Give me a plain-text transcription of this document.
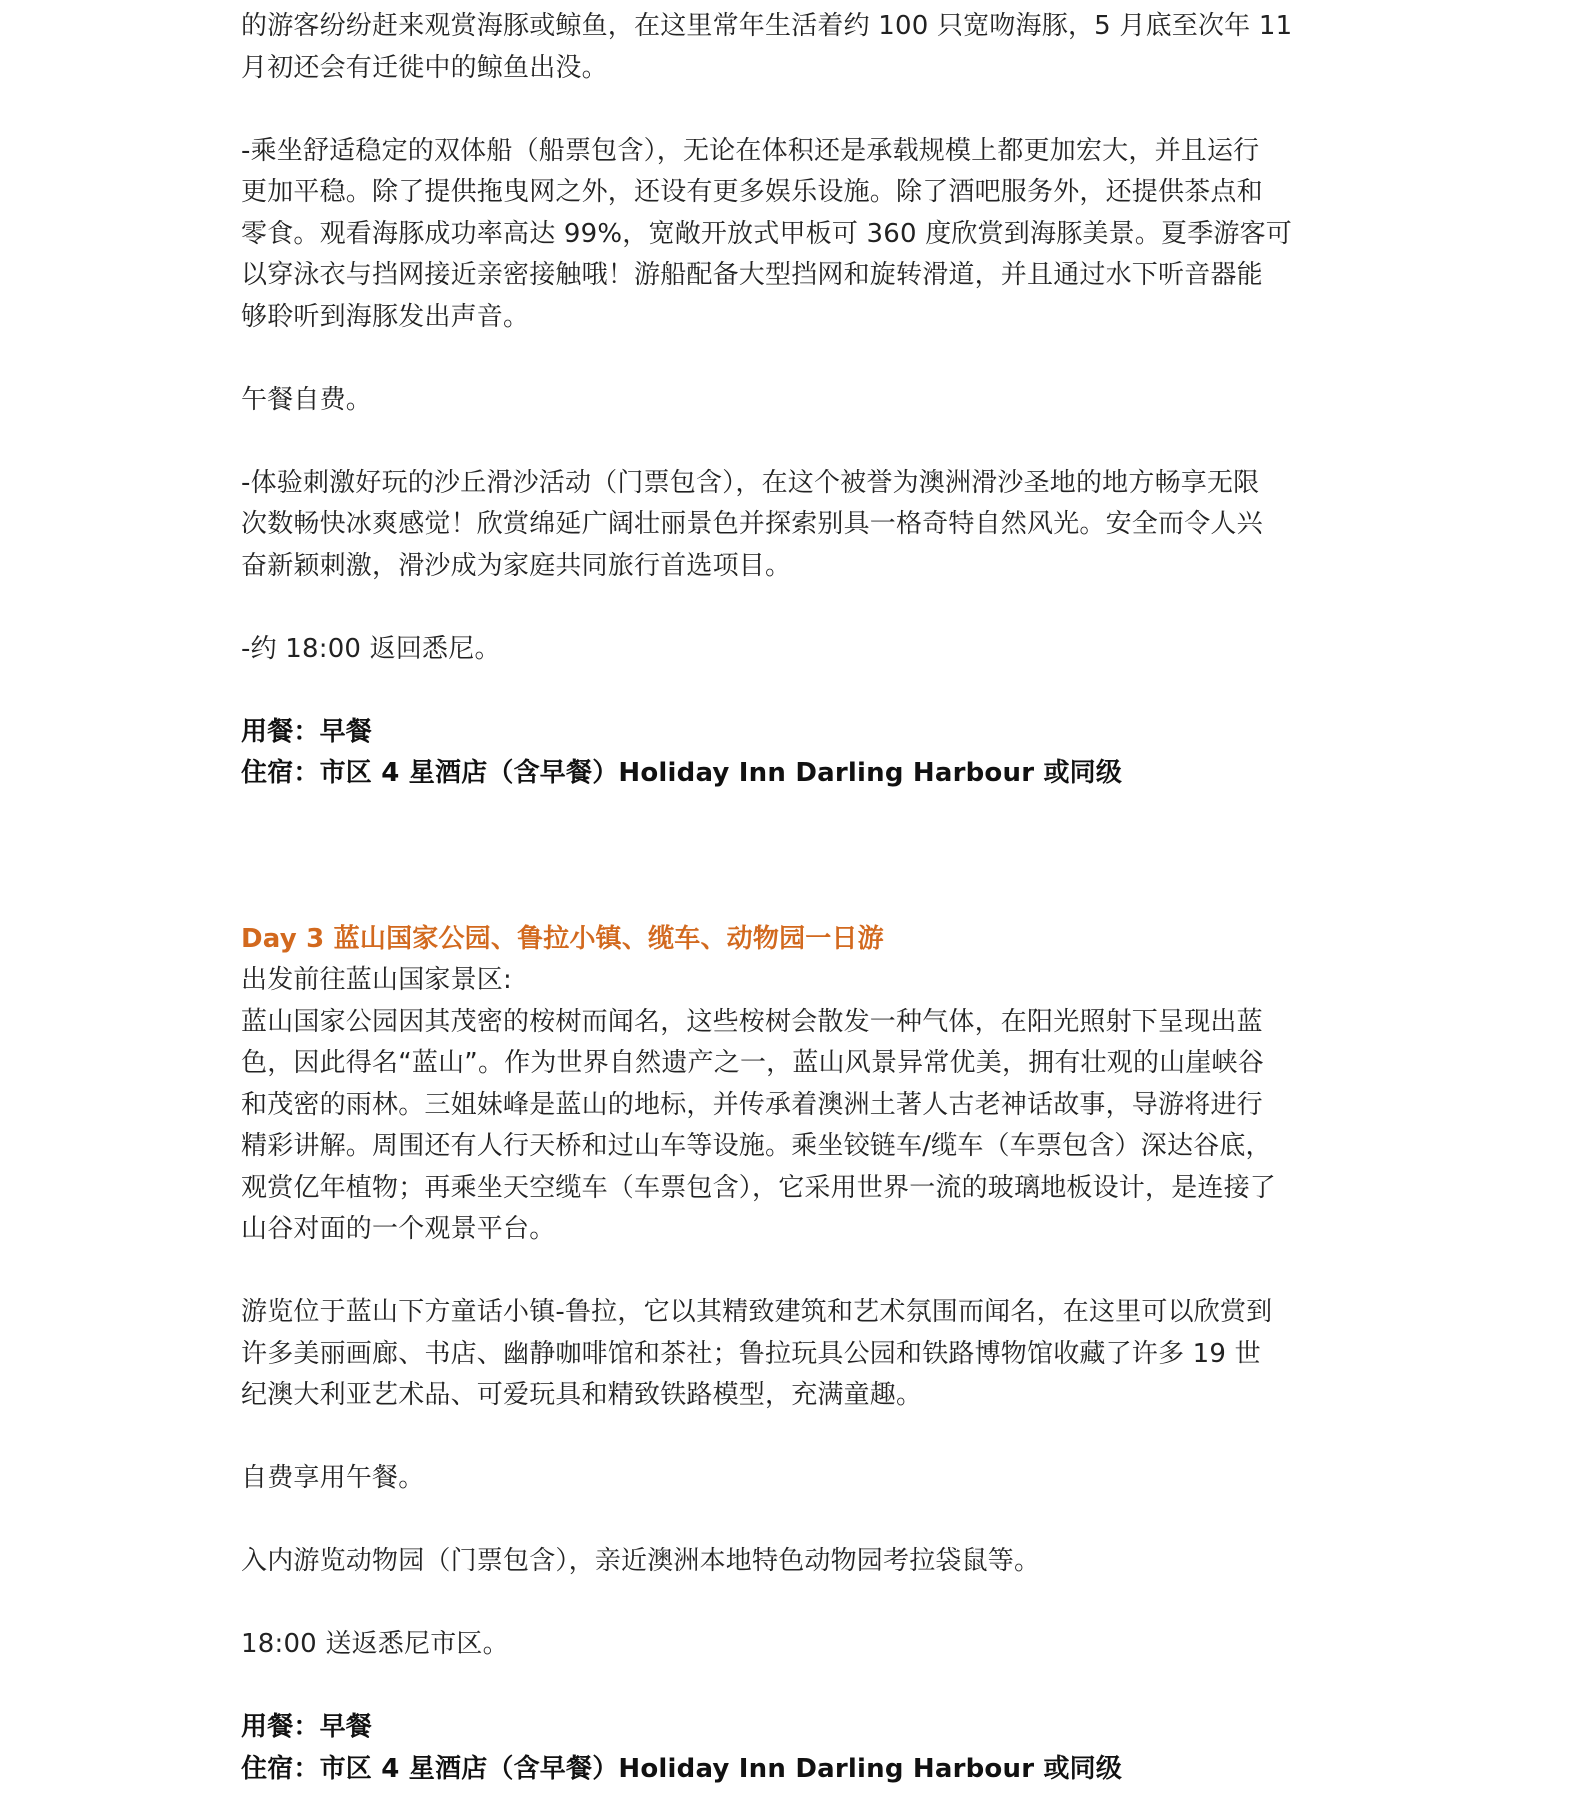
的游客纷纷赶来观赏海豚或鲸鱼，在这里常年生活着约 100 只宽吻海豚，5 月底至次年 11
月初还会有迁徙中的鲸鱼出没。

-乘坐舒适稳定的双体船（船票包含），无论在体积还是承载规模上都更加宏大，并且运行
更加平稳。除了提供拖曳网之外，还设有更多娱乐设施。除了酒吧服务外，还提供茶点和
零食。观看海豚成功率高达 99%，宽敞开放式甲板可 360 度欣赏到海豚美景。夏季游客可
以穿泳衣与挡网接近亲密接触哦！游船配备大型挡网和旋转滑道，并且通过水下听音器能
够聆听到海豚发出声音。

午餐自费。

-体验刺激好玩的沙丘滑沙活动（门票包含），在这个被誉为澳洲滑沙圣地的地方畅享无限
次数畅快冰爽感觉！欣赏绵延广阔壮丽景色并探索别具一格奇特自然风光。安全而令人兴
奋新颖刺激，滑沙成为家庭共同旅行首选项目。

-约 18:00 返回悉尼。

用餐：早餐

住宿：市区 4 星酒店（含早餐）Holiday Inn Darling Harbour 或同级

Day 3 蓝山国家公园、鲁拉小镇、缆车、动物园一日游

出发前往蓝山国家景区:

蓝山国家公园因其茂密的桉树而闻名，这些桉树会散发一种气体，在阳光照射下呈现出蓝
色，因此得名“蓝山”。作为世界自然遗产之一，蓝山风景异常优美，拥有壮观的山崖峡谷
和茂密的雨林。三姐妹峰是蓝山的地标，并传承着澳洲土著人古老神话故事，导游将进行
精彩讲解。周围还有人行天桥和过山车等设施。乘坐铰链车/缆车（车票包含）深达谷底，
观赏亿年植物；再乘坐天空缆车（车票包含），它采用世界一流的玻璃地板设计，是连接了
山谷对面的一个观景平台。

游览位于蓝山下方童话小镇-鲁拉，它以其精致建筑和艺术氛围而闻名，在这里可以欣赏到
许多美丽画廊、书店、幽静咖啡馆和茶社；鲁拉玩具公园和铁路博物馆收藏了许多 19 世
纪澳大利亚艺术品、可爱玩具和精致铁路模型，充满童趣。

自费享用午餐。

入内游览动物园（门票包含），亲近澳洲本地特色动物园考拉袋鼠等。

18:00 送返悉尼市区。

用餐：早餐

住宿：市区 4 星酒店（含早餐）Holiday Inn Darling Harbour 或同级
